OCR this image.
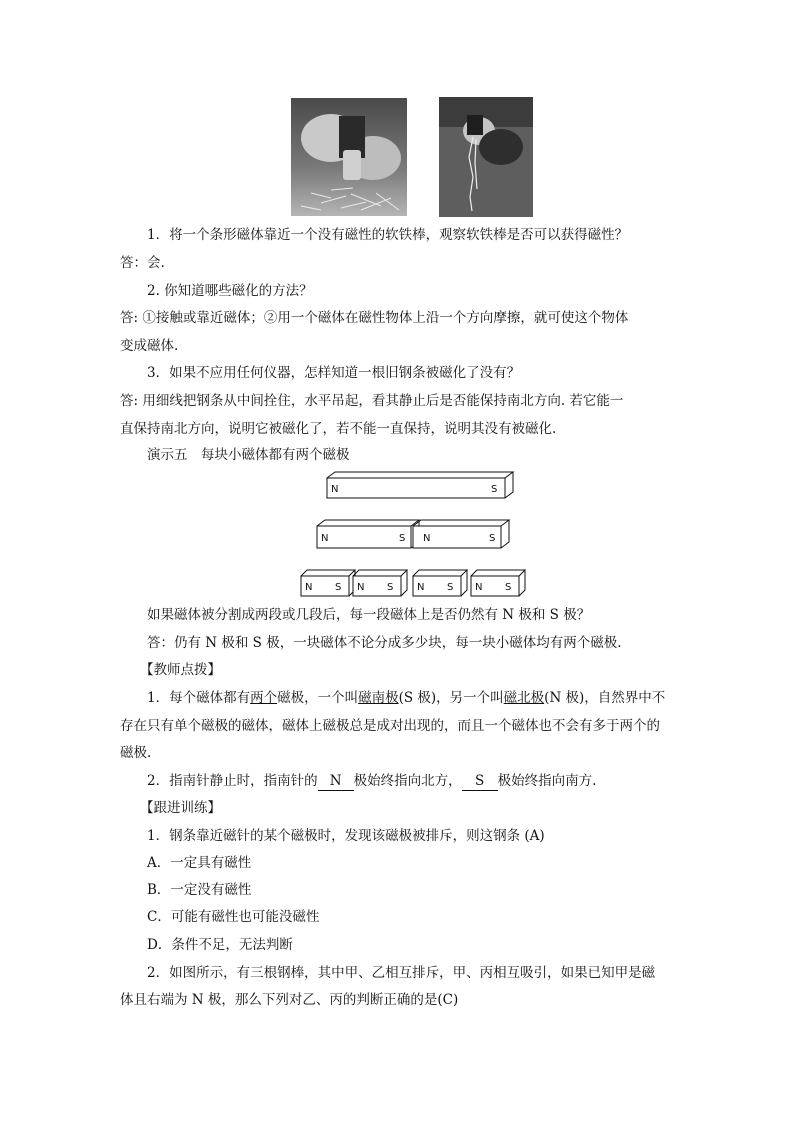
1．将一个条形磁体靠近一个没有磁性的软铁棒，观察软铁棒是否可以获得磁性？
答：会.
2. 你知道哪些磁化的方法？
答: ①接触或靠近磁体；②用一个磁体在磁性物体上沿一个方向摩擦，就可使这个物体
变成磁体.
3．如果不应用任何仪器，怎样知道一根旧钢条被磁化了没有？
答: 用细线把钢条从中间拴住，水平吊起，看其静止后是否能保持南北方向. 若它能一
直保持南北方向，说明它被磁化了，若不能一直保持，说明其没有被磁化.
演示五　每块小磁体都有两个磁极
N	S
N	S N	S
N S N S N S N S
如果磁体被分割成两段或几段后，每一段磁体上是否仍然有 N 极和 S 极？
答：仍有 N 极和 S 极，一块磁体不论分成多少块，每一块小磁体均有两个磁极.
【教师点拨】
1．每个磁体都有两个磁极，一个叫磁南极(S 极)，另一个叫磁北极(N 极)，自然界中不
存在只有单个磁极的磁体，磁体上磁极总是成对出现的，而且一个磁体也不会有多于两个的
磁极.
2．指南针静止时，指南针的 N 极始终指向北方， S 极始终指向南方.
【跟进训练】
1．钢条靠近磁针的某个磁极时，发现该磁极被排斥，则这钢条 (A)
A．一定具有磁性
B．一定没有磁性
C．可能有磁性也可能没磁性
D．条件不足，无法判断
2．如图所示，有三根钢棒，其中甲、乙相互排斥，甲、丙相互吸引，如果已知甲是磁
体且右端为 N 极，那么下列对乙、丙的判断正确的是(C)
